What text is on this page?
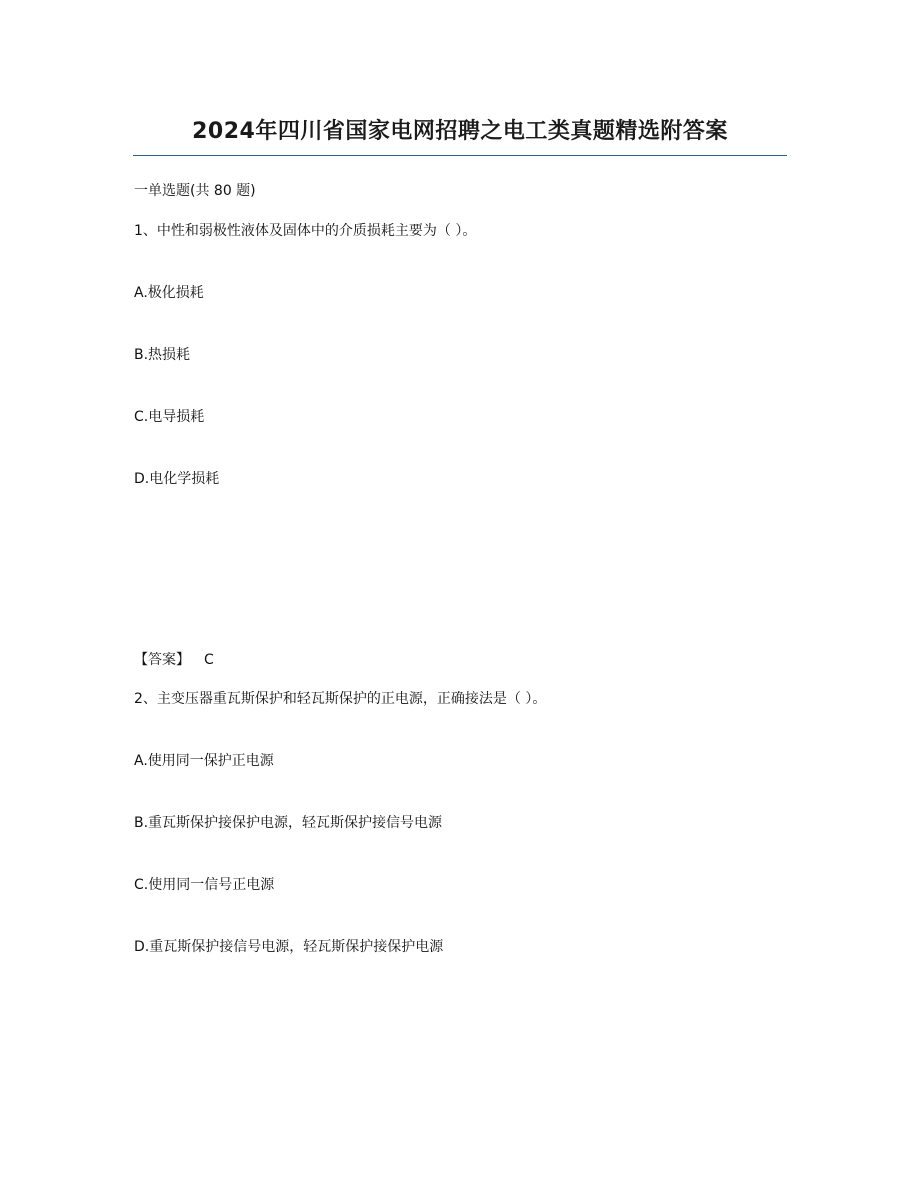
2024年四川省国家电网招聘之电工类真题精选附答案
一单选题(共 80 题)
1、中性和弱极性液体及固体中的介质损耗主要为（ ）。
A.极化损耗
B.热损耗
C.电导损耗
D.电化学损耗
【答案】 C
2、主变压器重瓦斯保护和轻瓦斯保护的正电源，正确接法是（ ）。
A.使用同一保护正电源
B.重瓦斯保护接保护电源，轻瓦斯保护接信号电源
C.使用同一信号正电源
D.重瓦斯保护接信号电源，轻瓦斯保护接保护电源
